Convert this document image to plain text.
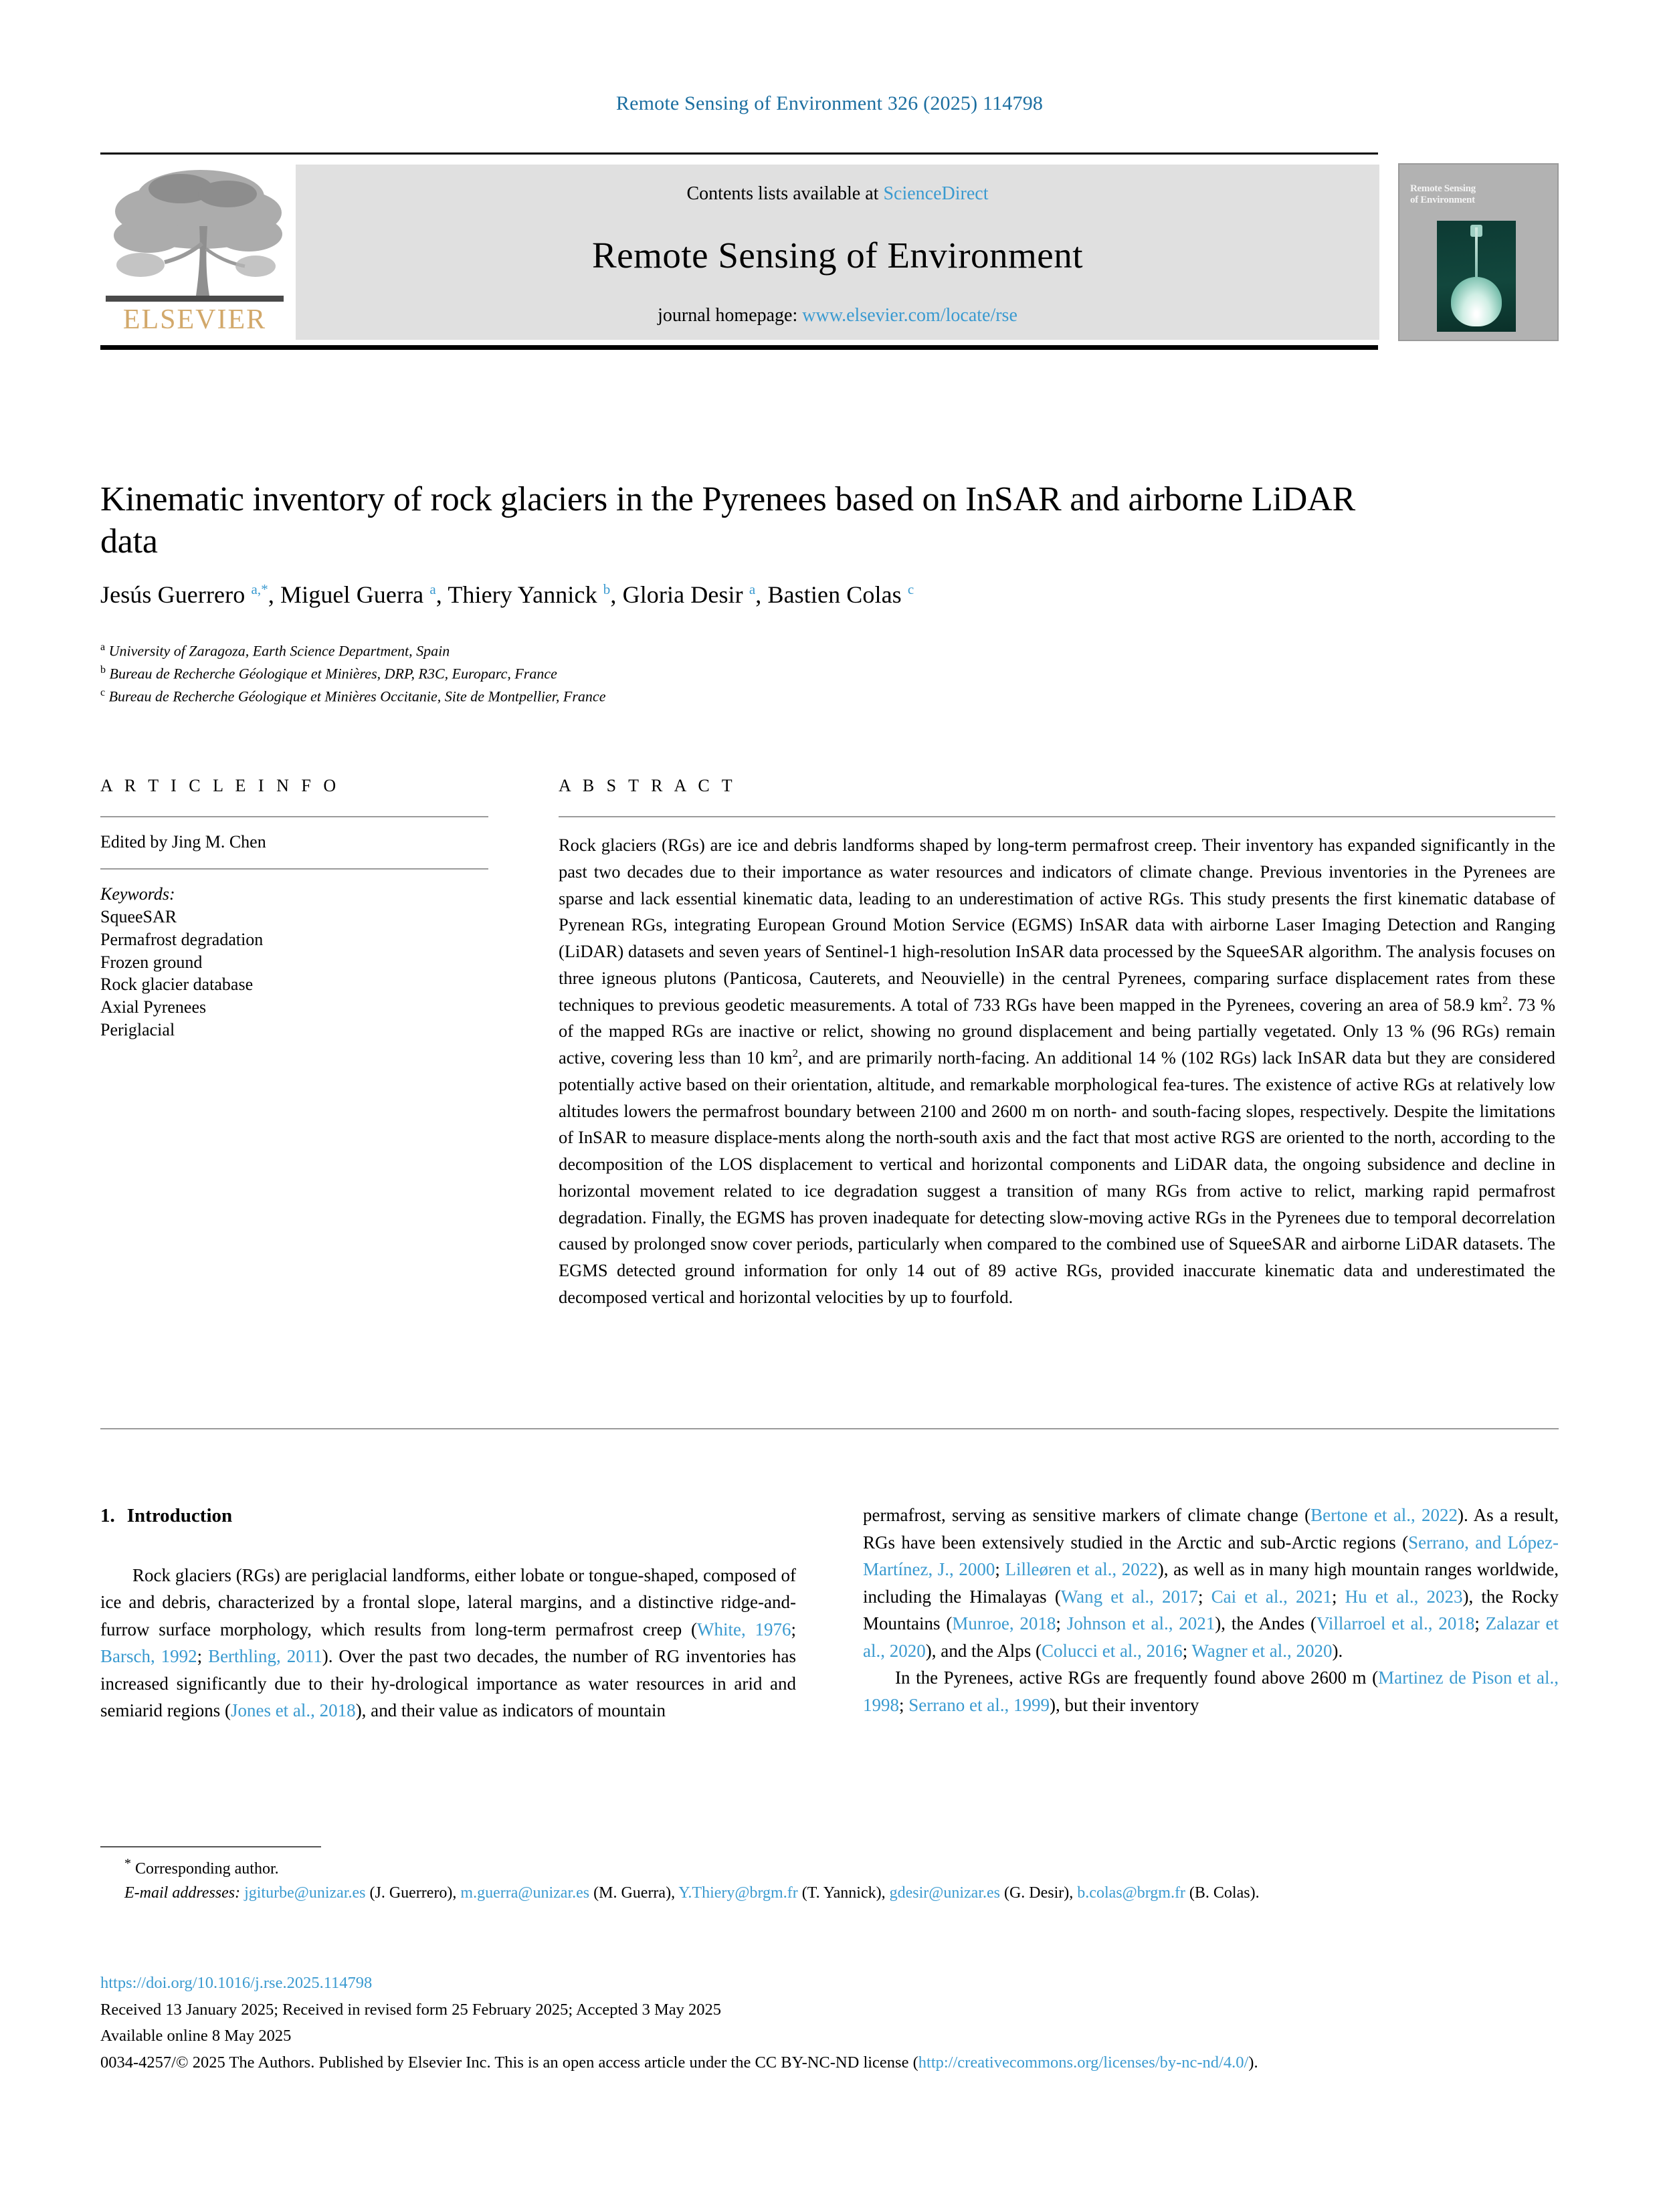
Remote Sensing of Environment 326 (2025) 114798
ELSEVIER
Contents lists available at ScienceDirect
Remote Sensing of Environment
journal homepage: www.elsevier.com/locate/rse
Remote Sensing
of Environment
Kinematic inventory of rock glaciers in the Pyrenees based on InSAR and airborne LiDAR data
Jesús Guerrero $^{a,*}$, Miguel Guerra $^a$, Thiery Yannick $^b$, Gloria Desir $^a$, Bastien Colas $^c$
$^a$ University of Zaragoza, Earth Science Department, Spain
$^b$ Bureau de Recherche Géologique et Minières, DRP, R3C, Europarc, France
$^c$ Bureau de Recherche Géologique et Minières Occitanie, Site de Montpellier, France
A R T I C L E I N F O
Edited by Jing M. Chen
Keywords:
SqueeSAR
Permafrost degradation
Frozen ground
Rock glacier database
Axial Pyrenees
Periglacial
A B S T R A C T
Rock glaciers (RGs) are ice and debris landforms shaped by long-term permafrost creep. Their inventory has expanded significantly in the past two decades due to their importance as water resources and indicators of climate change. Previous inventories in the Pyrenees are sparse and lack essential kinematic data, leading to an underestimation of active RGs. This study presents the first kinematic database of Pyrenean RGs, integrating European Ground Motion Service (EGMS) InSAR data with airborne Laser Imaging Detection and Ranging (LiDAR) datasets and seven years of Sentinel-1 high-resolution InSAR data processed by the SqueeSAR algorithm. The analysis focuses on three igneous plutons (Panticosa, Cauterets, and Neouvielle) in the central Pyrenees, comparing surface displacement rates from these techniques to previous geodetic measurements. A total of 733 RGs have been mapped in the Pyrenees, covering an area of 58.9 $km^2$. 73 % of the mapped RGs are inactive or relict, showing no ground displacement and being partially vegetated. Only 13 % (96 RGs) remain active, covering less than 10 $km^2$, and are primarily north-facing. An additional 14 % (102 RGs) lack InSAR data but they are considered potentially active based on their orientation, altitude, and remarkable morphological fea-tures. The existence of active RGs at relatively low altitudes lowers the permafrost boundary between 2100 and 2600 m on north- and south-facing slopes, respectively. Despite the limitations of InSAR to measure displace-ments along the north-south axis and the fact that most active RGS are oriented to the north, according to the decomposition of the LOS displacement to vertical and horizontal components and LiDAR data, the ongoing subsidence and decline in horizontal movement related to ice degradation suggest a transition of many RGs from active to relict, marking rapid permafrost degradation. Finally, the EGMS has proven inadequate for detecting slow-moving active RGs in the Pyrenees due to temporal decorrelation caused by prolonged snow cover periods, particularly when compared to the combined use of SqueeSAR and airborne LiDAR datasets. The EGMS detected ground information for only 14 out of 89 active RGs, provided inaccurate kinematic data and underestimated the decomposed vertical and horizontal velocities by up to fourfold.
1. Introduction

Rock glaciers (RGs) are periglacial landforms, either lobate or tongue-shaped, composed of ice and debris, characterized by a frontal slope, lateral margins, and a distinctive ridge-and-furrow surface morphology, which results from long-term permafrost creep (White, 1976; Barsch, 1992; Berthling, 2011). Over the past two decades, the number of RG inventories has increased significantly due to their hy-drological importance as water resources in arid and semiarid regions (Jones et al., 2018), and their value as indicators of mountain

permafrost, serving as sensitive markers of climate change (Bertone et al., 2022). As a result, RGs have been extensively studied in the Arctic and sub-Arctic regions (Serrano, and López-Martínez, J., 2000; Lilleøren et al., 2022), as well as in many high mountain ranges worldwide, including the Himalayas (Wang et al., 2017; Cai et al., 2021; Hu et al., 2023), the Rocky Mountains (Munroe, 2018; Johnson et al., 2021), the Andes (Villarroel et al., 2018; Zalazar et al., 2020), and the Alps (Colucci et al., 2016; Wagner et al., 2020).

In the Pyrenees, active RGs are frequently found above 2600 m (Martinez de Pison et al., 1998; Serrano et al., 1999), but their inventory

* Corresponding author.

E-mail addresses: jgiturbe@unizar.es (J. Guerrero), m.guerra@unizar.es (M. Guerra), Y.Thiery@brgm.fr (T. Yannick), gdesir@unizar.es (G. Desir), b.colas@brgm.fr (B. Colas).

https://doi.org/10.1016/j.rse.2025.114798

Received 13 January 2025; Received in revised form 25 February 2025; Accepted 3 May 2025

Available online 8 May 2025

0034-4257/© 2025 The Authors. Published by Elsevier Inc. This is an open access article under the CC BY-NC-ND license (http://creativecommons.org/licenses/by-nc-nd/4.0/).
